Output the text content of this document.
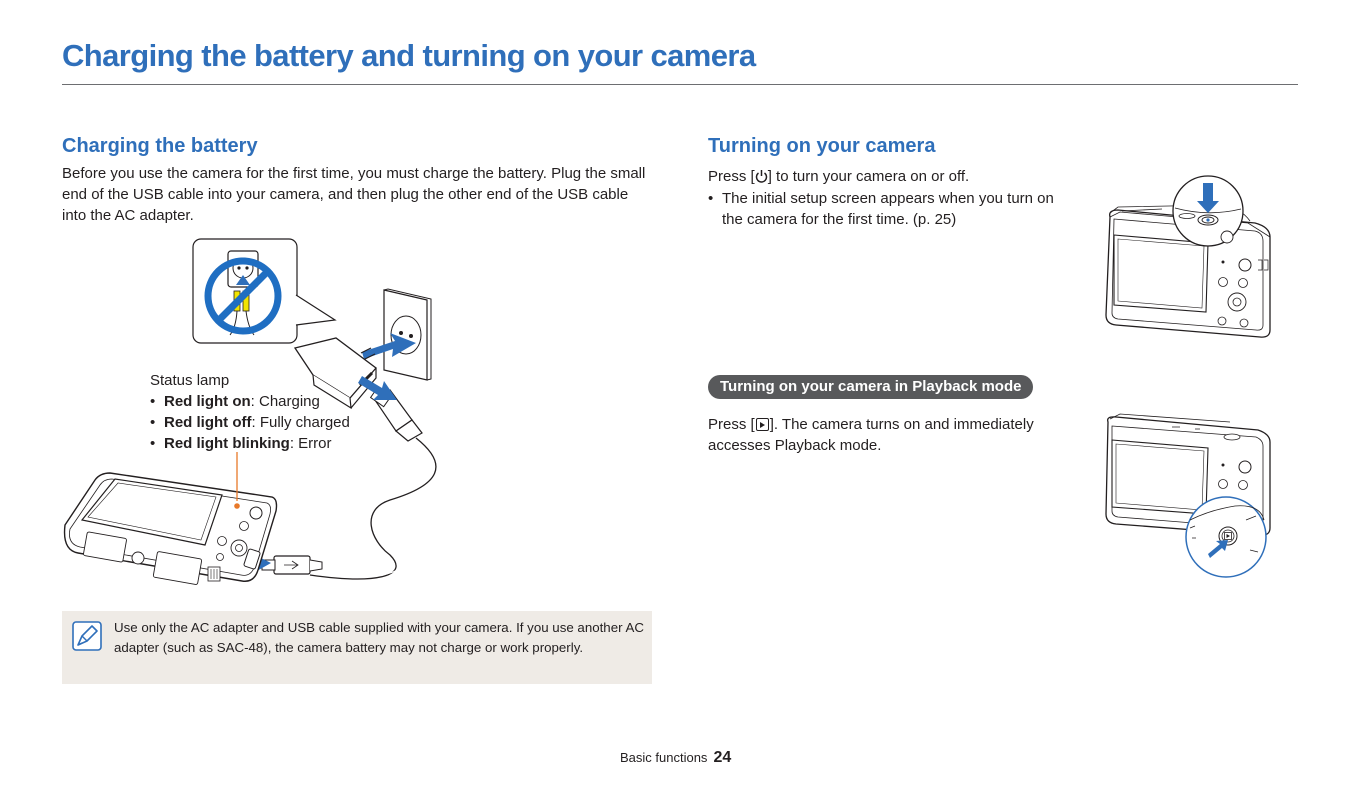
Charging the battery and turning on your camera
Charging the battery

Before you use the camera for the first time, you must charge the battery. Plug the small end of the USB cable into your camera, and then plug the other end of the USB cable into the AC adapter.

Status lamp
• Red light on: Charging
• Red light off: Fully charged
• Red light blinking: Error
Use only the AC adapter and USB cable supplied with your camera. If you use another AC adapter (such as SAC-48), the camera battery may not charge or work properly.
Turning on your camera
Press [ ] to turn your camera on or off.
• The initial setup screen appears when you turn on the camera for the first time. (p. 25)
Turning on your camera in Playback mode
Press [ ]. The camera turns on and immediately accesses Playback mode.
Basic functions 24
